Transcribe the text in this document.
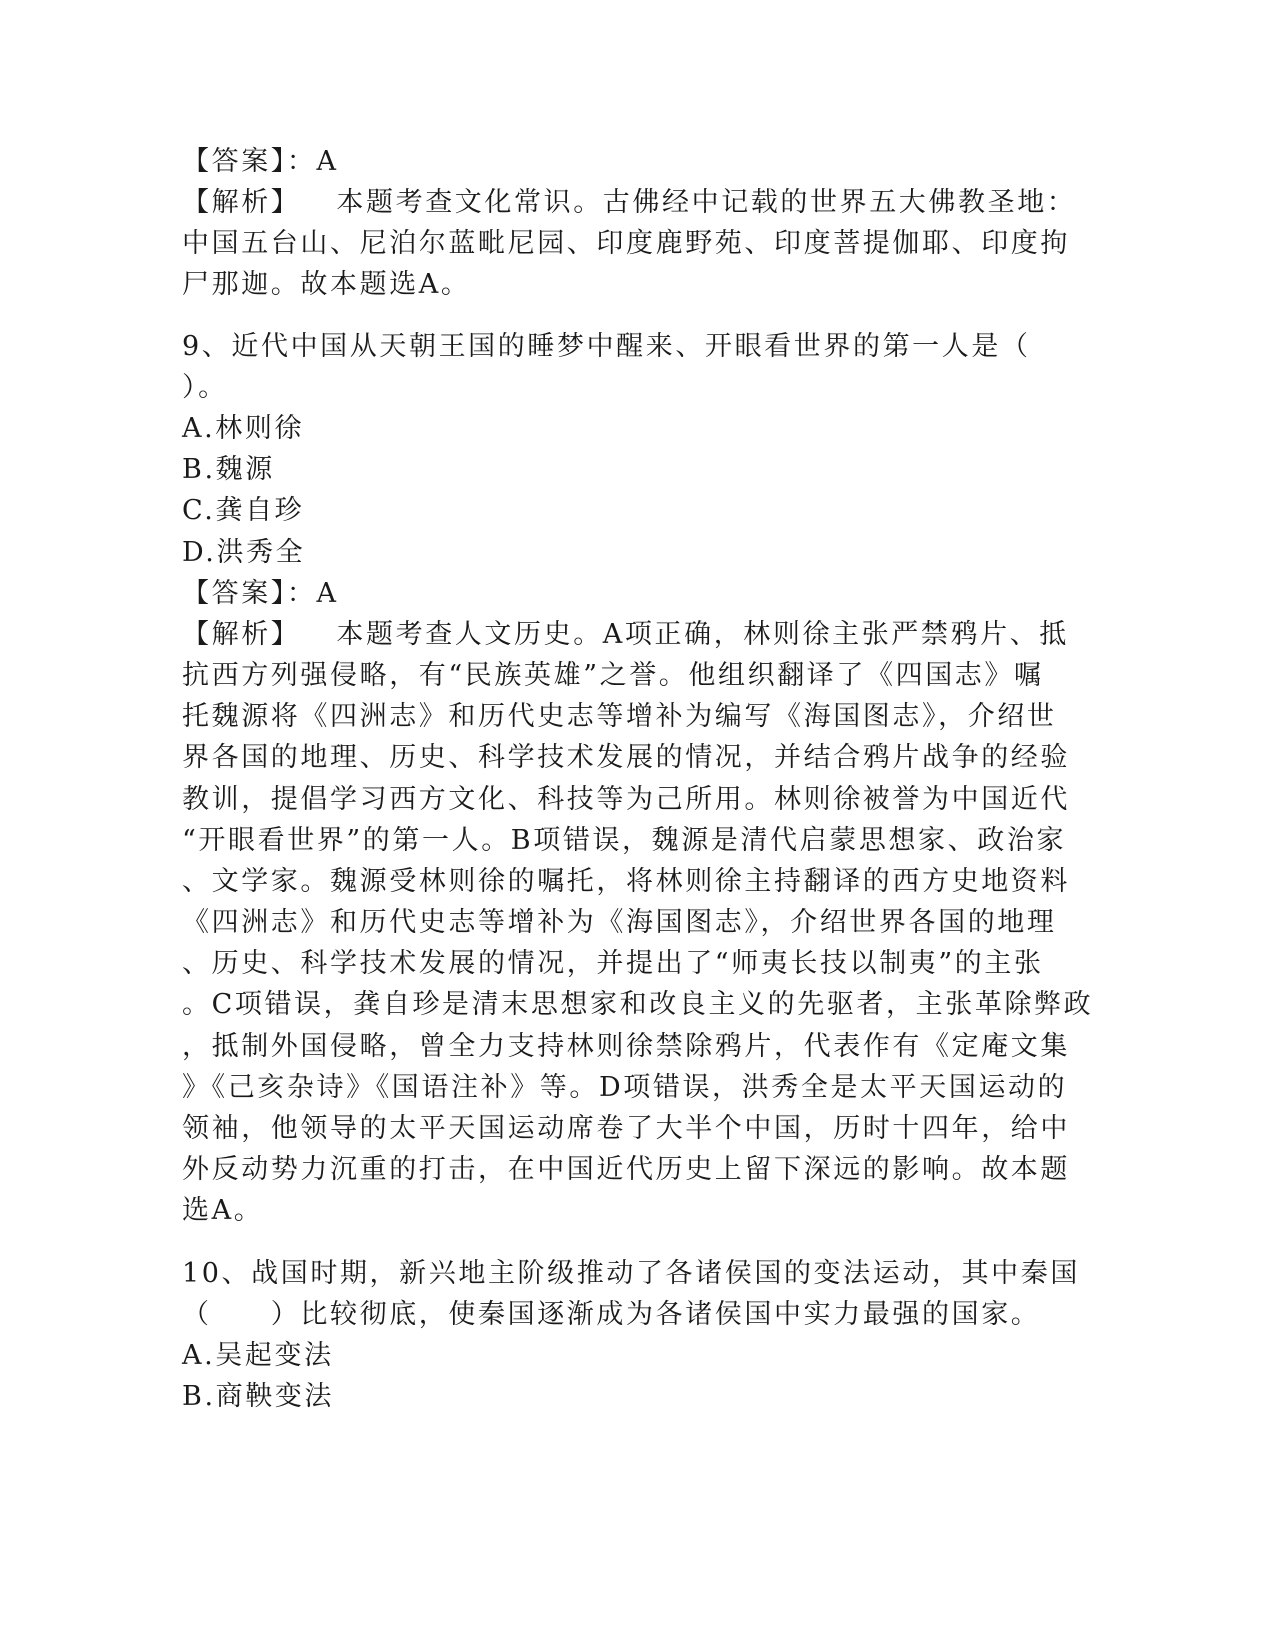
【答案】：A
【解析】 本题考查文化常识。古佛经中记载的世界五大佛教圣地：
中国五台山、尼泊尔蓝毗尼园、印度鹿野苑、印度菩提伽耶、印度拘
尸那迦。故本题选A。
9、近代中国从天朝王国的睡梦中醒来、开眼看世界的第一人是（
）。
A.林则徐
B.魏源
C.龚自珍
D.洪秀全
【答案】：A
【解析】 本题考查人文历史。A项正确，林则徐主张严禁鸦片、抵
抗西方列强侵略，有“民族英雄”之誉。他组织翻译了《四国志》嘱
托魏源将《四洲志》和历代史志等增补为编写《海国图志》，介绍世
界各国的地理、历史、科学技术发展的情况，并结合鸦片战争的经验
教训，提倡学习西方文化、科技等为己所用。林则徐被誉为中国近代
“开眼看世界”的第一人。B项错误，魏源是清代启蒙思想家、政治家
、文学家。魏源受林则徐的嘱托，将林则徐主持翻译的西方史地资料
《四洲志》和历代史志等增补为《海国图志》，介绍世界各国的地理
、历史、科学技术发展的情况，并提出了“师夷长技以制夷”的主张
。C项错误，龚自珍是清末思想家和改良主义的先驱者，主张革除弊政
，抵制外国侵略，曾全力支持林则徐禁除鸦片，代表作有《定庵文集
》《己亥杂诗》《国语注补》等。D项错误，洪秀全是太平天国运动的
领袖，他领导的太平天国运动席卷了大半个中国，历时十四年，给中
外反动势力沉重的打击，在中国近代历史上留下深远的影响。故本题
选A。
10、战国时期，新兴地主阶级推动了各诸侯国的变法运动，其中秦国
（　　）比较彻底，使秦国逐渐成为各诸侯国中实力最强的国家。
A.吴起变法
B.商鞅变法
